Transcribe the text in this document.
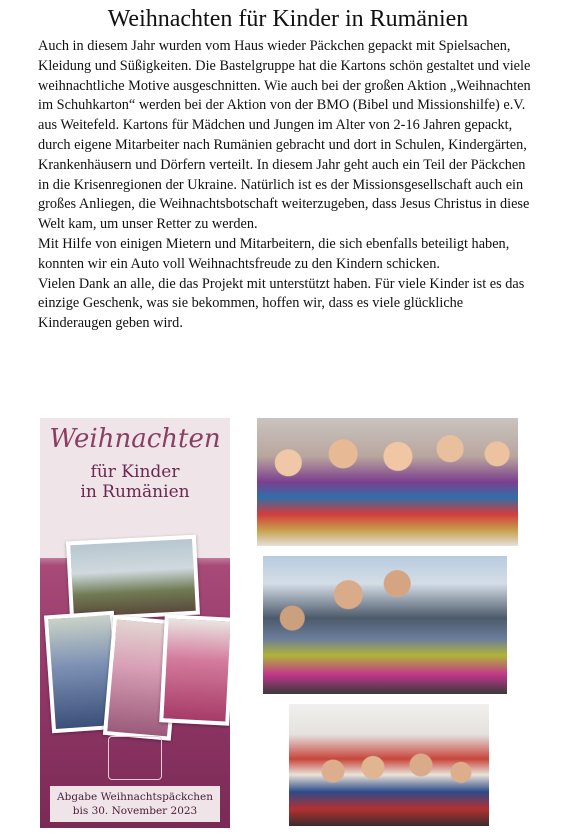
Weihnachten für Kinder in Rumänien

Auch in diesem Jahr wurden vom Haus wieder Päckchen gepackt mit Spielsachen, Kleidung und Süßigkeiten. Die Bastelgruppe hat die Kartons schön gestaltet und viele weihnachtliche Motive ausgeschnitten. Wie auch bei der großen Aktion „Weihnachten im Schuhkarton“ werden bei der Aktion von der BMO (Bibel und Missionshilfe) e.V. aus Weitefeld. Kartons für Mädchen und Jungen im Alter von 2-16 Jahren gepackt, durch eigene Mitarbeiter nach Rumänien gebracht und dort in Schulen, Kindergärten, Krankenhäusern und Dörfern verteilt. In diesem Jahr geht auch ein Teil der Päckchen in die Krisenregionen der Ukraine. Natürlich ist es der Missionsgesellschaft auch ein großes Anliegen, die Weihnachtsbotschaft weiterzugeben, dass Jesus Christus in diese Welt kam, um unser Retter zu werden.

Mit Hilfe von einigen Mietern und Mitarbeitern, die sich ebenfalls beteiligt haben, konnten wir ein Auto voll Weihnachtsfreude zu den Kindern schicken.

Vielen Dank an alle, die das Projekt mit unterstützt haben. Für viele Kinder ist es das einzige Geschenk, was sie bekommen, hoffen wir, dass es viele glückliche Kinderaugen geben wird.

Weihnachten
für Kinder
in Rumänien
Abgabe Weihnachtspäckchen
bis 30. November 2023
